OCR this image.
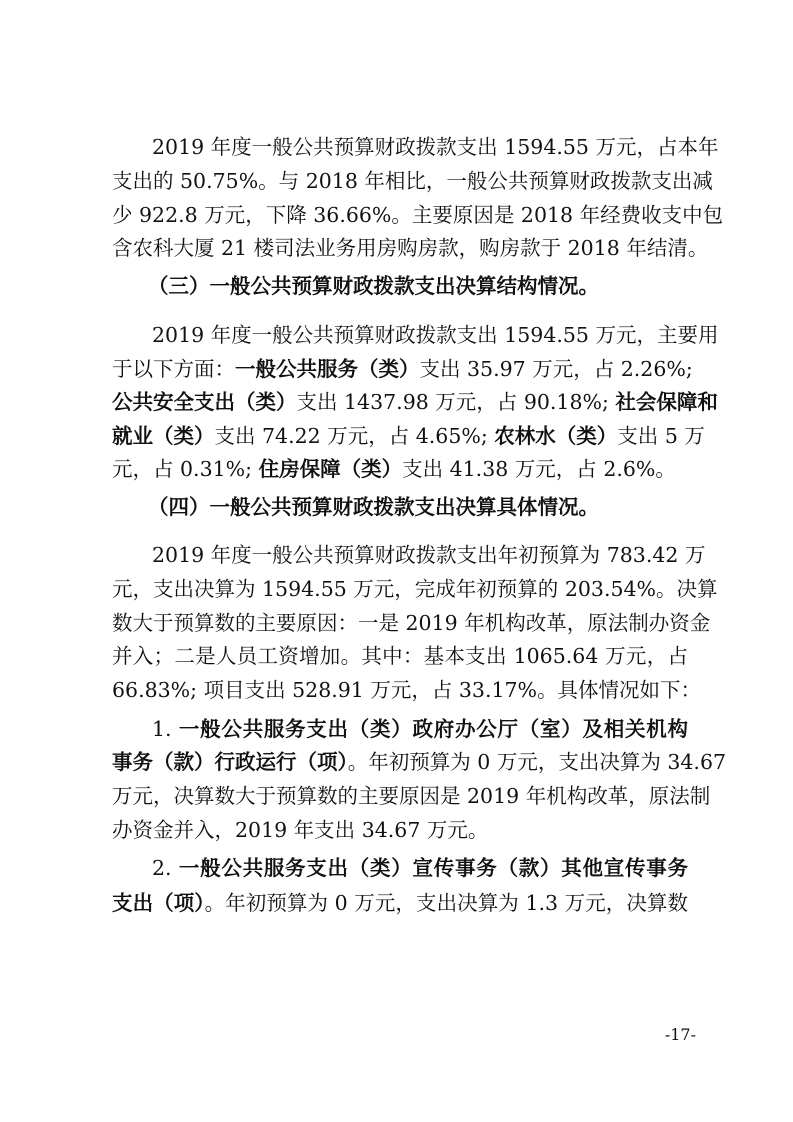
2019 年度一般公共预算财政拨款支出 1594.55 万元，占本年
支出的 50.75%。与 2018 年相比，一般公共预算财政拨款支出减
少 922.8 万元，下降 36.66%。主要原因是 2018 年经费收支中包
含农科大厦 21 楼司法业务用房购房款，购房款于 2018 年结清。
（三）一般公共预算财政拨款支出决算结构情况。
2019 年度一般公共预算财政拨款支出 1594.55 万元，主要用
于以下方面：一般公共服务（类）支出 35.97 万元，占 2.26%;
公共安全支出（类）支出 1437.98 万元，占 90.18%; 社会保障和
就业（类）支出 74.22 万元，占 4.65%; 农林水（类）支出 5 万
元，占 0.31%; 住房保障（类）支出 41.38 万元，占 2.6%。
（四）一般公共预算财政拨款支出决算具体情况。
2019 年度一般公共预算财政拨款支出年初预算为 783.42 万
元，支出决算为 1594.55 万元，完成年初预算的 203.54%。决算
数大于预算数的主要原因：一是 2019 年机构改革，原法制办资金
并入；二是人员工资增加。其中：基本支出 1065.64 万元，占
66.83%; 项目支出 528.91 万元，占 33.17%。具体情况如下：
1. 一般公共服务支出（类）政府办公厅（室）及相关机构
事务（款）行政运行（项）。年初预算为 0 万元，支出决算为 34.67
万元，决算数大于预算数的主要原因是 2019 年机构改革，原法制
办资金并入，2019 年支出 34.67 万元。
2. 一般公共服务支出（类）宣传事务（款）其他宣传事务
支出（项）。年初预算为 0 万元，支出决算为 1.3 万元，决算数
-17-
